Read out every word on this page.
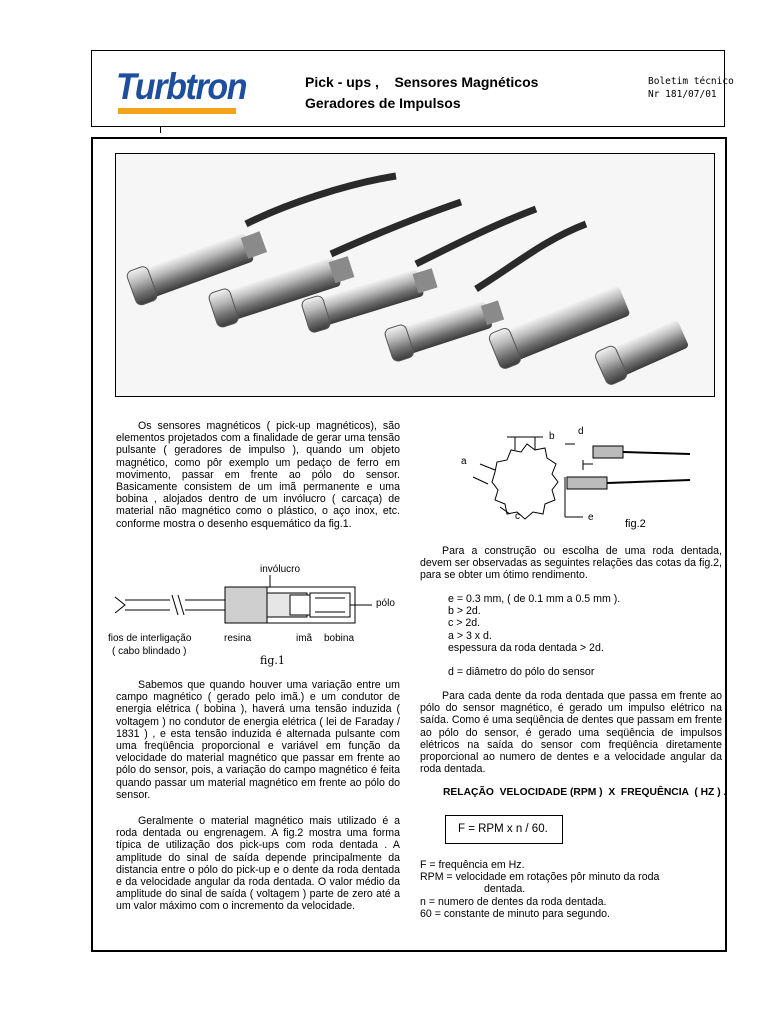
Turbtron	Pick - ups ,    Sensores Magnéticos
Geradores de Impulsos
Boletim técnico
Nr 181/07/01
Os sensores magnéticos ( pick-up magnéticos), são elementos projetados com a finalidade de gerar uma tensão pulsante ( geradores de impulso ), quando um objeto magnético, como pôr exemplo um pedaço de ferro em movimento, passar em frente ao pólo do sensor. Basicamente consistem de um imã permanente e uma bobina , alojados dentro de um invólucro ( carcaça) de material não magnético como o plástico, o aço inox, etc. conforme mostra o desenho esquemático da fig.1.
invólucro
pólo
fios de interligação
( cabo blindado )
resina	imã bobina
fig.1
Sabemos que quando houver uma variação entre um campo magnético ( gerado pelo imã.) e um condutor de energia elétrica ( bobina ), haverá uma tensão induzida ( voltagem ) no condutor de energia elétrica ( lei de Faraday / 1831 ) , e esta tensão induzida é alternada pulsante com uma freqüência proporcional e variável em função da velocidade do material magnético que passar em frente ao pólo do sensor, pois, a variação do campo magnético é feita quando passar um material magnético em frente ao pólo do sensor.
Geralmente o material magnético mais utilizado é a roda dentada ou engrenagem. A fig.2 mostra uma forma típica de utilização dos pick-ups com roda dentada . A amplitude do sinal de saída depende principalmente da distancia entre o pólo do pick-up e o dente da roda dentada e da velocidade angular da roda dentada. O valor médio da amplitude do sinal de saída ( voltagem ) parte de zero até a um valor máximo com o incremento da velocidade.
b d
a
c	e
fig.2
Para a construção ou escolha de uma roda dentada, devem ser observadas as seguintes relações das cotas da fig.2, para se obter um ótimo rendimento.
e = 0.3 mm, ( de 0.1 mm a 0.5 mm ).
b > 2d.
c > 2d.
a > 3 x d.
espessura da roda dentada > 2d.
d = diâmetro do pólo do sensor
Para cada dente da roda dentada que passa em frente ao pólo do sensor magnético, é gerado um impulso elétrico na saída. Como é uma seqüência de dentes que passam em frente ao pólo do sensor, é gerado uma seqüência de impulsos elétricos na saída do sensor com freqüência diretamente proporcional ao numero de dentes e a velocidade angular da roda dentada.
RELAÇÃO  VELOCIDADE (RPM )  X  FREQUÊNCIA  ( HZ ) .
F = RPM x n / 60.
F = frequência em Hz.
RPM = velocidade em rotações pôr minuto da roda
dentada.
n = numero de dentes da roda dentada.
60 = constante de minuto para segundo.
